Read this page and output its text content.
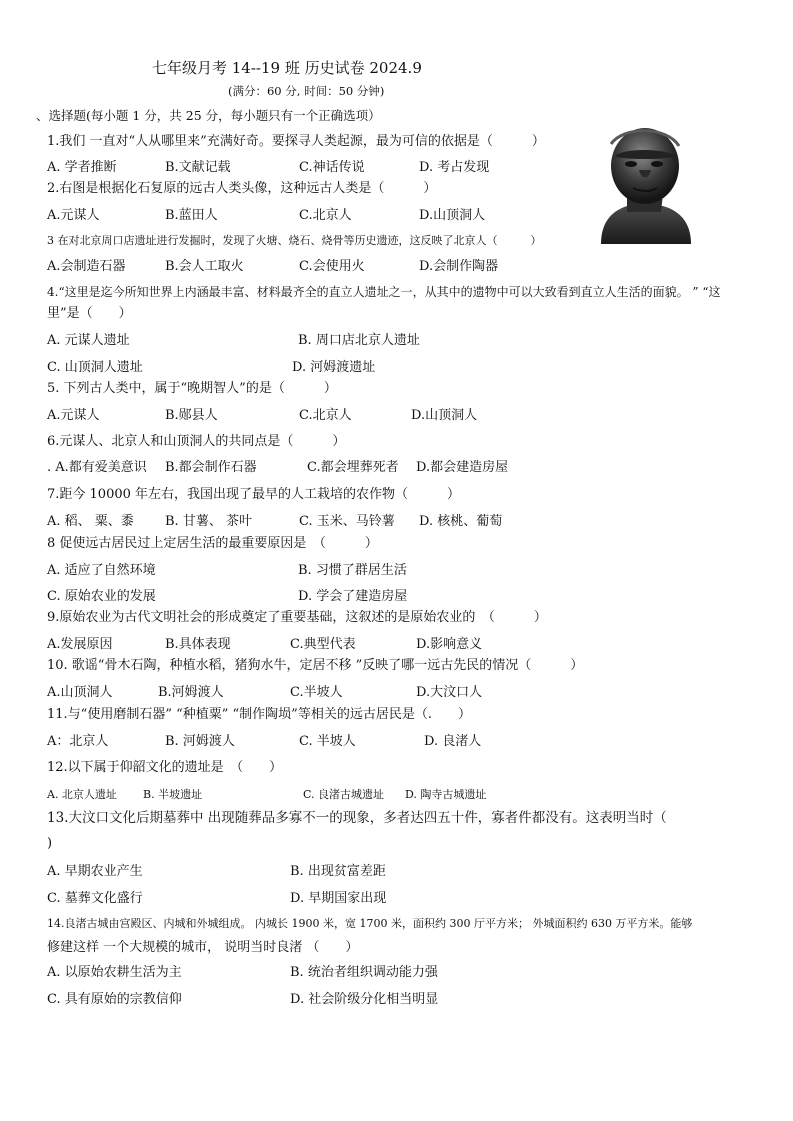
七年级月考 14--19 班 历史试卷 2024.9
(满分：60 分, 时间：50 分钟)
、选择题(每小题 1 分，共 25 分，每小题只有一个正确选项）
1.我们 一直对“人从哪里来”充满好奇。要探寻人类起源，最为可信的依据是（　　　）
A. 学者推断	B.文献记载	C.神话传说	D. 考占发现
2.右图是根据化石复原的远古人类头像，这种远古人类是（　　　）
A.元谋人	B.蓝田人	C.北京人	D.山顶洞人
3 在对北京周口店遗址进行发掘时，发现了火塘、烧石、烧骨等历史遗迹，这反映了北京人（　　　）
A.会制造石器	B.会人工取火	C.会使用火	D.会制作陶器
4.“这里是迄今所知世界上内涵最丰富、材料最齐全的直立人遗址之一，从其中的遗物中可以大致看到直立人生活的面貌。 ” “这
里”是（　　）
A. 元谋人遗址	B. 周口店北京人遗址
C. 山顶洞人遗址	D. 河姆渡遗址
5. 下列古人类中，属于“晚期智人”的是（　　　）
A.元谋人	B.郧县人	C.北京人	D.山顶洞人
6.元谋人、北京人和山顶洞人的共同点是（　　　）
. A.都有爱美意识 B.都会制作石器	C.都会埋葬死者 D.都会建造房屋
7.距今 10000 年左右，我国出现了最早的人工栽培的农作物（　　　）
A. 稻、 粟、黍 B. 甘薯、 茶叶	C. 玉米、马铃薯 D. 核桃、葡萄
8 促使远古居民过上定居生活的最重要原因是　（　　　）
A. 适应了自然环境	B. 习惯了群居生活
C. 原始农业的发展	D. 学会了建造房屋
9.原始农业为古代文明社会的形成奠定了重要基础，这叙述的是原始农业的　（　　　）
A.发展原因	B.具体表现	C.典型代表	D.影响意义
10. 歌谣“骨木石陶，种植水稻，猪狗水牛，定居不移 ”反映了哪一远古先民的情况（　　　）
A.山顶洞人	B.河姆渡人	C.半坡人	D.大汶口人
11.与“使用磨制石器” “种植粟” “制作陶埙”等相关的远古居民是（.　　）
A：北京人	B. 河姆渡人	C. 半坡人	D. 良渚人
12.以下属于仰韶文化的遗址是　（　　）
A. 北京人遗址 B. 半坡遗址	C. 良渚古城遗址 D. 陶寺古城遗址
13.大汶口文化后期墓葬中 出现随葬品多寡不一的现象，多者达四五十件，寡者件都没有。这表明当时（
)
A. 早期农业产生	B. 出现贫富差距
C. 墓葬文化盛行	D. 早期国家出现
14.良渚古城由宫殿区、内城和外城组成。 内城长 1900 米，宽 1700 米，面积约 300 厅平方米； 外城面积约 630 万平方米。能够
修建这样 一个大规模的城市， 说明当时良渚 （　　）
A. 以原始农耕生活为主	B. 统治者组织调动能力强
C. 具有原始的宗教信仰	D. 社会阶级分化相当明显
